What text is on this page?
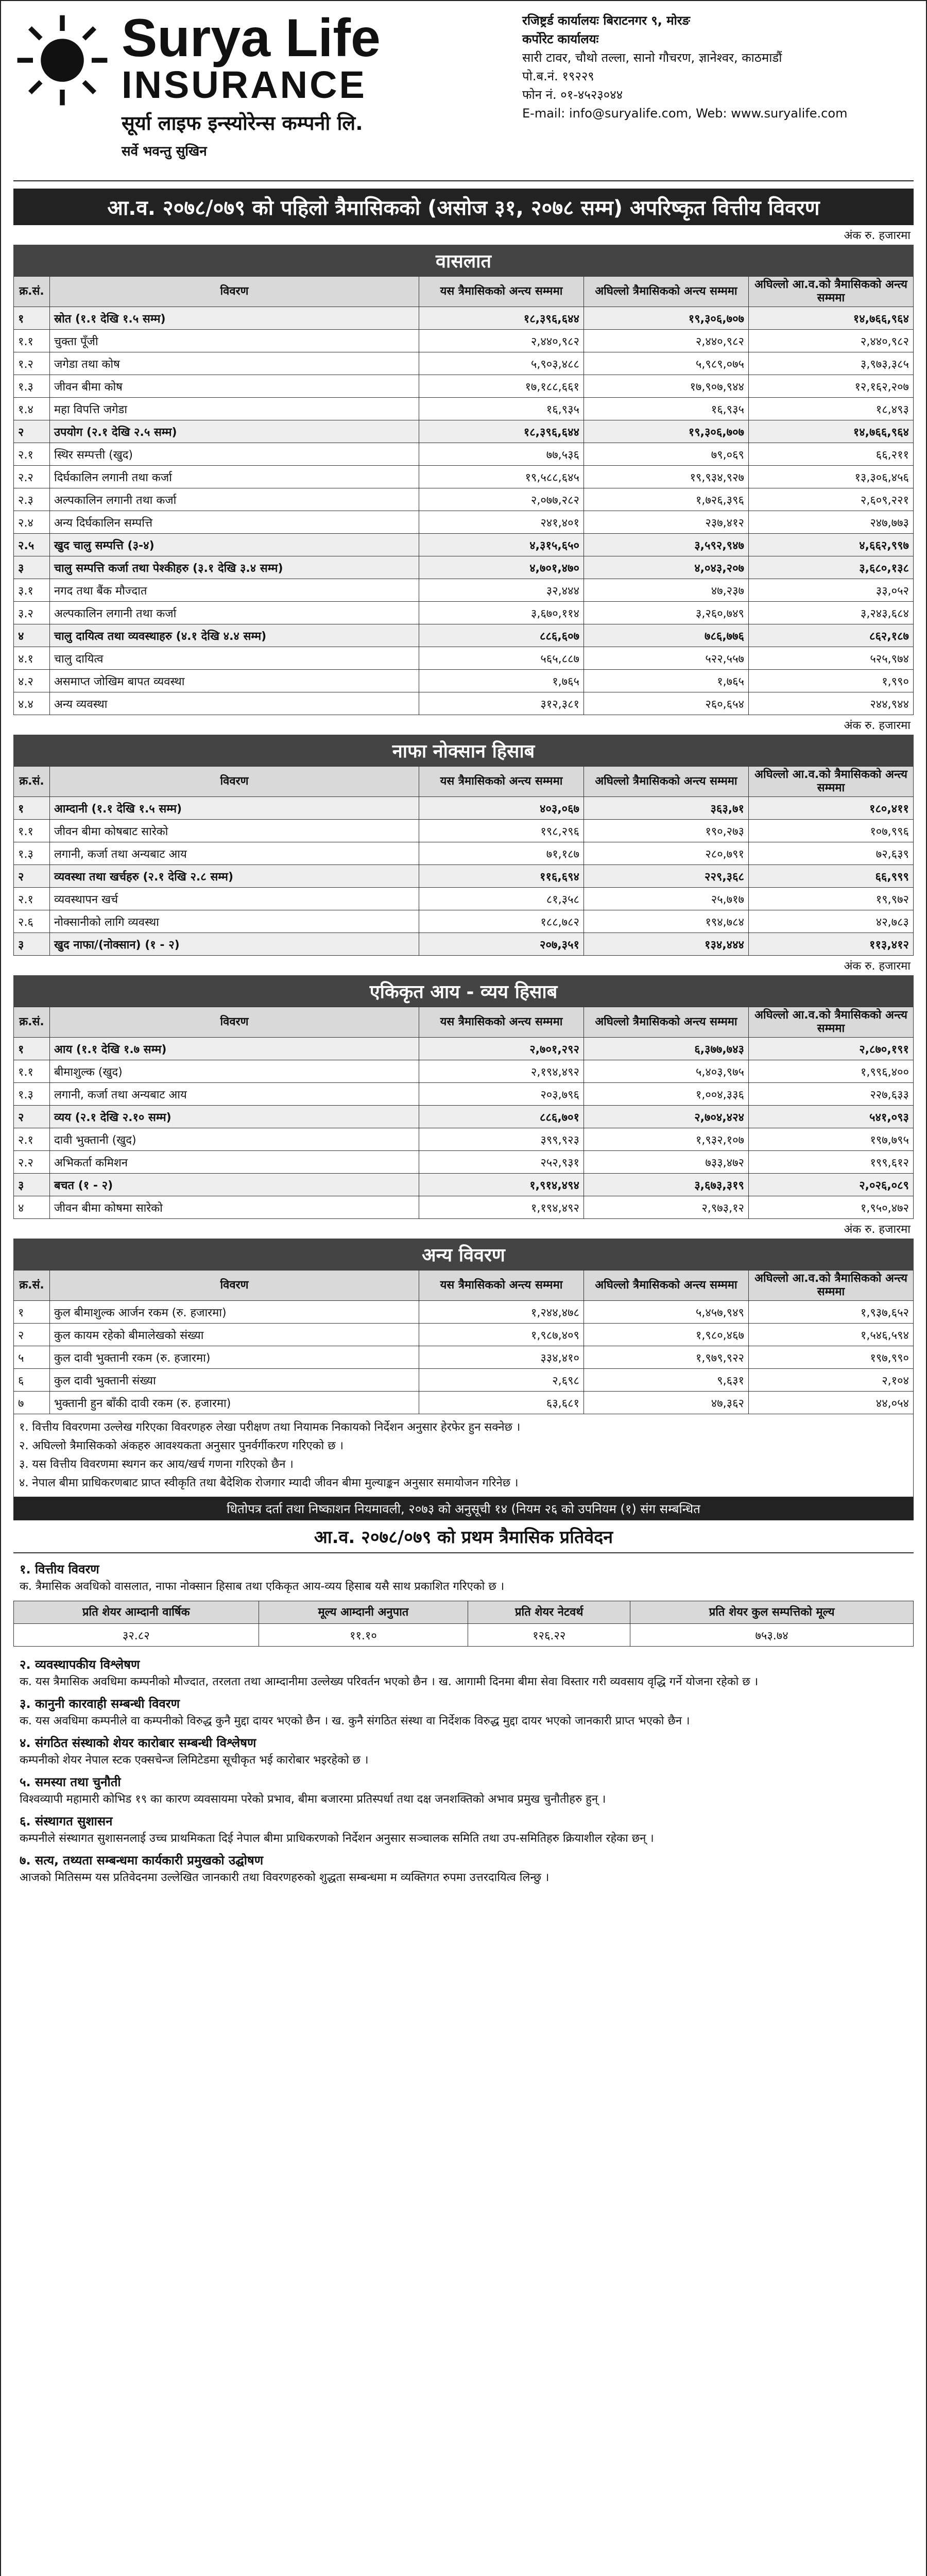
Surya Life
INSURANCE
सूर्या लाइफ इन्स्योरेन्स कम्पनी लि.
सर्वे भवन्तु सुखिन
रजिष्ट्रर्ड कार्यालयः बिराटनगर ९, मोरङ
कर्पोरेट कार्यालयः
सारी टावर, चौथो तल्ला, सानो गौचरण, ज्ञानेश्वर, काठमाडौं
पो.ब.नं. १९२२९
फोन नं. ०१-४५२३०४४
E-mail: info@suryalife.com, Web: www.suryalife.com
आ.व. २०७८/०७९ को पहिलो त्रैमासिकको (असोज ३१, २०७८ सम्म) अपरिष्कृत वित्तीय विवरण
अंक रु. हजारमा
वासलात
क्र.सं.	विवरण	यस त्रैमासिकको अन्त्य सम्ममा	अघिल्लो त्रैमासिकको अन्त्य सम्ममा	अघिल्लो आ.व.को त्रैमासिकको अन्त्य सम्ममा
१	स्रोत (१.१ देखि १.५ सम्म)	१८,३९६,६४४	१९,३०६,७०७	१४,७६६,९६४
१.१	चुक्ता पूँजी	२,४४०,९८२	२,४४०,९८२	२,४४०,९८२
१.२	जगेडा तथा कोष	५,९०३,४८८	५,९८९,०७५	३,९७३,३८५
१.३	जीवन बीमा कोष	१७,१८८,६६१	१७,९०७,९४४	१२,१६२,२०७
१.४	महा विपत्ति जगेडा	१६,९३५	१६,९३५	१८,४९३
२	उपयोग (२.१ देखि २.५ सम्म)	१८,३९६,६४४	१९,३०६,७०७	१४,७६६,९६४
२.१	स्थिर सम्पत्ती (खुद)	७७,५३६	७९,०६९	६६,२११
२.२	दिर्घकालिन लगानी तथा कर्जा	१९,५८८,६४५	१९,९३४,९२७	१३,३०६,४५६
२.३	अल्पकालिन लगानी तथा कर्जा	२,०७७,२८२	१,७२६,३९६	२,६०९,२२१
२.४	अन्य दिर्घकालिन सम्पत्ति	२४१,४०१	२३७,४१२	२४७,७७३
२.५	खुद चालु सम्पत्ति (३-४)	४,३१५,६५०	३,५९२,९४७	४,६६२,९९७
३	चालु सम्पत्ति कर्जा तथा पेश्कीहरु (३.१ देखि ३.४ सम्म)	४,७०१,४७०	४,०४३,२०७	३,६८०,१३८
३.१	नगद तथा बैंक मौज्दात	३२,४४४	४७,२३७	३३,०५२
३.२	अल्पकालिन लगानी तथा कर्जा	३,६७०,११४	३,२६०,७४९	३,२४३,६८४
४	चालु दायित्व तथा व्यवस्थाहरु (४.१ देखि ४.४ सम्म)	८८६,६०७	७८६,७७६	८६२,१८७
४.१	चालु दायित्व	५६५,८८७	५२२,५५७	५२५,९७४
४.२	असमाप्त जोखिम बापत व्यवस्था	१,७६५	१,७६५	१,९९०
४.४	अन्य व्यवस्था	३१२,३८१	२६०,६५४	२४४,९४४
अंक रु. हजारमा
नाफा नोक्सान हिसाब
क्र.सं.	विवरण	यस त्रैमासिकको अन्त्य सम्ममा	अघिल्लो त्रैमासिकको अन्त्य सम्ममा	अघिल्लो आ.व.को त्रैमासिकको अन्त्य सम्ममा
१	आम्दानी (१.१ देखि १.५ सम्म)	४०३,०६७	३६३,७१	१८०,४११
१.१	जीवन बीमा कोषबाट सारेको	१९८,२९६	१९०,२७३	१०७,९९६
१.३	लगानी, कर्जा तथा अन्यबाट आय	७१,१८७	२८०,७९१	७२,६३९
२	व्यवस्था तथा खर्चहरु (२.१ देखि २.८ सम्म)	११६,६९४	२२९,३६८	६६,९९९
२.१	व्यवस्थापन खर्च	८१,३५८	२५,७१७	१९,९७२
२.६	नोक्सानीको लागि व्यवस्था	१८८,७८२	१९४,७८४	४२,७८३
३	खुद नाफा/(नोक्सान) (१ - २)	२०७,३५१	१३४,४४४	११३,४१२
अंक रु. हजारमा
एकिकृत आय - व्यय हिसाब
क्र.सं.	विवरण	यस त्रैमासिकको अन्त्य सम्ममा	अघिल्लो त्रैमासिकको अन्त्य सम्ममा	अघिल्लो आ.व.को त्रैमासिकको अन्त्य सम्ममा
१	आय (१.१ देखि १.७ सम्म)	२,७०१,२९२	६,३७७,७४३	२,८७०,१९१
१.१	बीमाशुल्क (खुद)	२,१९४,४९२	५,४०३,९७५	१,९९६,४००
१.३	लगानी, कर्जा तथा अन्यबाट आय	२०३,७९६	१,००४,३३६	२२७,६३३
२	व्यय (२.१ देखि २.१० सम्म)	८८६,७०१	२,७०४,४२४	५४१,०९३
२.१	दावी भुक्तानी (खुद)	३९९,९२३	१,९३२,१०७	१९७,७९५
२.२	अभिकर्ता कमिशन	२५२,९३१	७३३,४७२	१९९,६१२
३	बचत (१ - २)	१,९१४,४९४	३,६७३,३१९	२,०२६,०८९
४	जीवन बीमा कोषमा सारेको	१,१९४,४९२	२,९७३,१२	१,९५०,४७२
अंक रु. हजारमा
अन्य विवरण
क्र.सं.	विवरण	यस त्रैमासिकको अन्त्य सम्ममा	अघिल्लो त्रैमासिकको अन्त्य सम्ममा	अघिल्लो आ.व.को त्रैमासिकको अन्त्य सम्ममा
१	कुल बीमाशुल्क आर्जन रकम (रु. हजारमा)	१,२४४,४७८	५,४५७,९४९	१,९३७,६५२
२	कुल कायम रहेको बीमालेखको संख्या	१,९८७,४०९	१,९८०,४६७	१,५४६,५९४
५	कुल दावी भुक्तानी रकम (रु. हजारमा)	३३४,४१०	१,९७९,९२२	१९७,९९०
६	कुल दावी भुक्तानी संख्या	२,६९८	९,६३१	२,१०४
७	भुक्तानी हुन बाँकी दावी रकम (रु. हजारमा)	६३,६८१	४७,३६२	४४,०५४
१. वित्तीय विवरणमा उल्लेख गरिएका विवरणहरु लेखा परीक्षण तथा नियामक निकायको निर्देशन अनुसार हेरफेर हुन सक्नेछ ।
२. अघिल्लो त्रैमासिकको अंकहरु आवश्यकता अनुसार पुनर्वर्गीकरण गरिएको छ ।
३. यस वित्तीय विवरणमा स्थगन कर आय/खर्च गणना गरिएको छैन ।
४. नेपाल बीमा प्राधिकरणबाट प्राप्त स्वीकृति तथा बैदेशिक रोजगार म्यादी जीवन बीमा मुल्याङ्कन अनुसार समायोजन गरिनेछ ।
धितोपत्र दर्ता तथा निष्काशन नियमावली, २०७३ को अनुसूची १४ (नियम २६ को उपनियम (१) संग सम्बन्धित
आ.व. २०७८/०७९ को प्रथम त्रैमासिक प्रतिवेदन
१. वित्तीय विवरण
क. त्रैमासिक अवधिको वासलात, नाफा नोक्सान हिसाब तथा एकिकृत आय-व्यय हिसाब यसै साथ प्रकाशित गरिएको छ ।
प्रति शेयर आम्दानी वार्षिक	मूल्य आम्दानी अनुपात	प्रति शेयर नेटवर्थ	प्रति शेयर कुल सम्पत्तिको मूल्य
३२.८२	११.१०	१२६.२२	७५३.७४
२. व्यवस्थापकीय विश्लेषण
क. यस त्रैमासिक अवधिमा कम्पनीको मौज्दात, तरलता तथा आम्दानीमा उल्लेख्य परिवर्तन भएको छैन । ख. आगामी दिनमा बीमा सेवा विस्तार गरी व्यवसाय वृद्धि गर्ने योजना रहेको छ ।
३. कानुनी कारवाही सम्बन्धी विवरण
क. यस अवधिमा कम्पनीले वा कम्पनीको विरुद्ध कुनै मुद्दा दायर भएको छैन । ख. कुनै संगठित संस्था वा निर्देशक विरुद्ध मुद्दा दायर भएको जानकारी प्राप्त भएको छैन ।
४. संगठित संस्थाको शेयर कारोबार सम्बन्धी विश्लेषण
कम्पनीको शेयर नेपाल स्टक एक्सचेन्ज लिमिटेडमा सूचीकृत भई कारोबार भइरहेको छ ।
५. समस्या तथा चुनौती
विश्वव्यापी महामारी कोभिड १९ का कारण व्यवसायमा परेको प्रभाव, बीमा बजारमा प्रतिस्पर्धा तथा दक्ष जनशक्तिको अभाव प्रमुख चुनौतीहरु हुन् ।
६. संस्थागत सुशासन
कम्पनीले संस्थागत सुशासनलाई उच्च प्राथमिकता दिई नेपाल बीमा प्राधिकरणको निर्देशन अनुसार सञ्चालक समिति तथा उप-समितिहरु क्रियाशील रहेका छन् ।
७. सत्य, तथ्यता सम्बन्धमा कार्यकारी प्रमुखको उद्घोषण
आजको मितिसम्म यस प्रतिवेदनमा उल्लेखित जानकारी तथा विवरणहरुको शुद्धता सम्बन्धमा म व्यक्तिगत रुपमा उत्तरदायित्व लिन्छु ।
